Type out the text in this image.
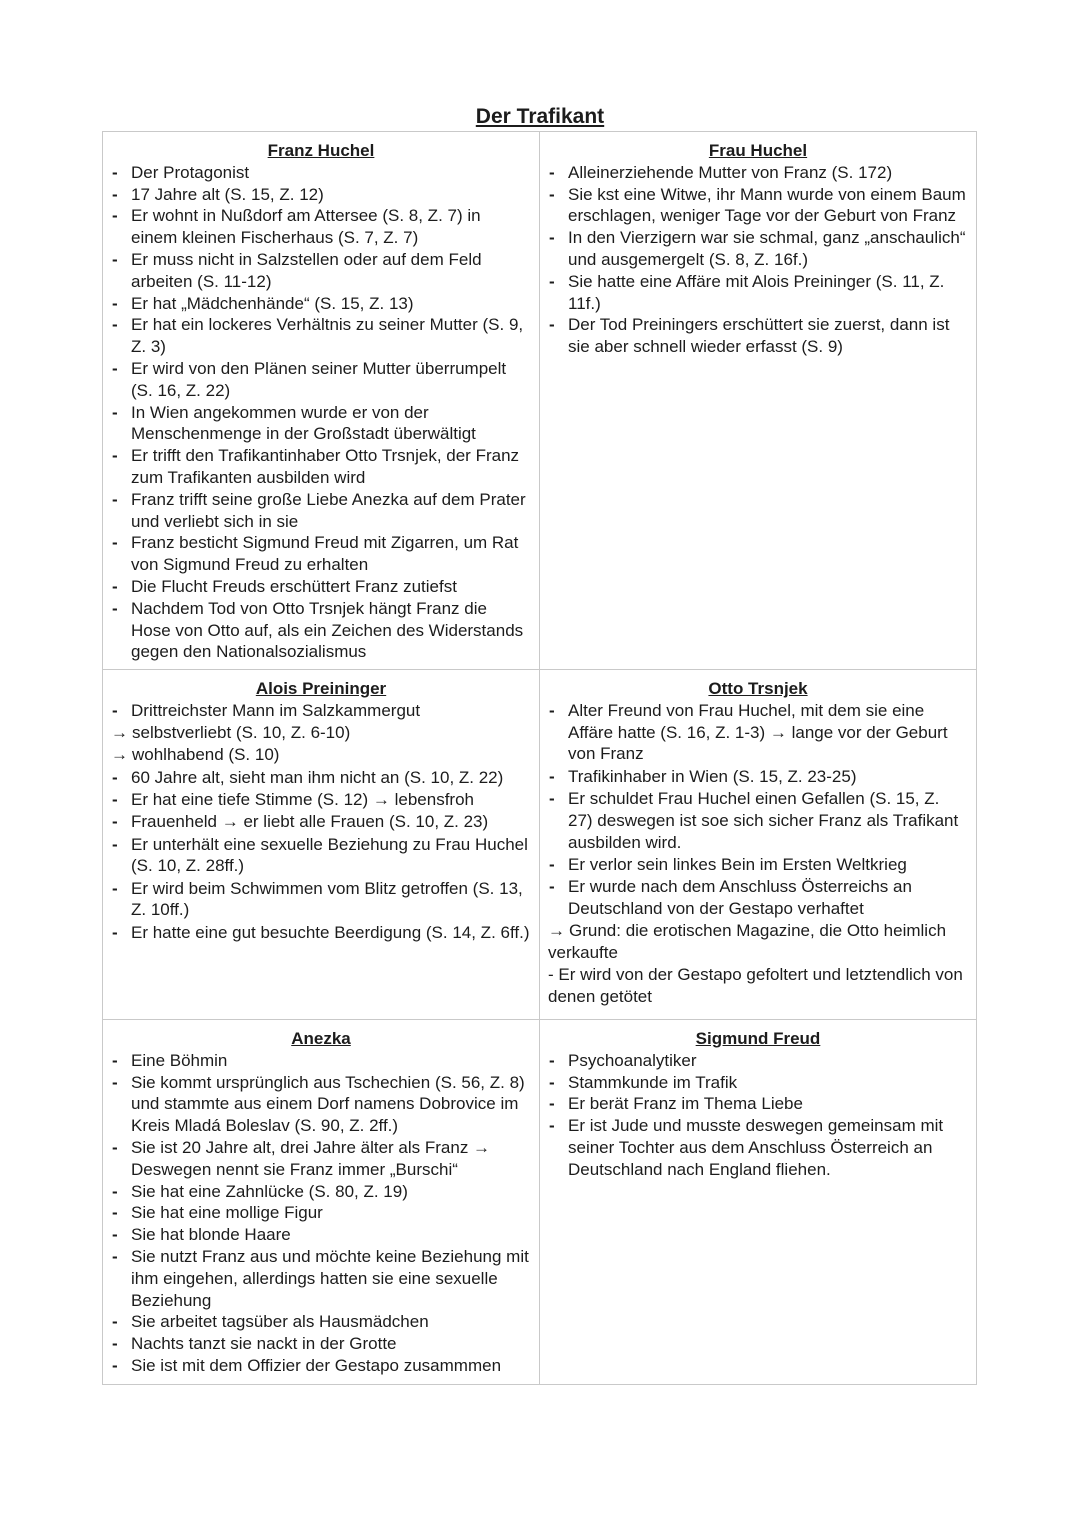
Der Trafikant
Franz Huchel
- Der Protagonist
- 17 Jahre alt (S. 15, Z. 12)
- Er wohnt in Nußdorf am Attersee (S. 8, Z. 7) in einem kleinen Fischerhaus (S. 7, Z. 7)
- Er muss nicht in Salzstellen oder auf dem Feld arbeiten (S. 11-12)
- Er hat „Mädchenhände“ (S. 15, Z. 13)
- Er hat ein lockeres Verhältnis zu seiner Mutter (S. 9, Z. 3)
- Er wird von den Plänen seiner Mutter überrumpelt (S. 16, Z. 22)
- In Wien angekommen wurde er von der Menschenmenge in der Großstadt überwältigt
- Er trifft den Trafikantinhaber Otto Trsnjek, der Franz zum Trafikanten ausbilden wird
- Franz trifft seine große Liebe Anezka auf dem Prater und verliebt sich in sie
- Franz besticht Sigmund Freud mit Zigarren, um Rat von Sigmund Freud zu erhalten
- Die Flucht Freuds erschüttert Franz zutiefst
- Nachdem Tod von Otto Trsnjek hängt Franz die Hose von Otto auf, als ein Zeichen des Widerstands gegen den Nationalsozialismus
Frau Huchel
- Alleinerziehende Mutter von Franz (S. 172)
- Sie kst eine Witwe, ihr Mann wurde von einem Baum erschlagen, weniger Tage vor der Geburt von Franz
- In den Vierzigern war sie schmal, ganz „anschaulich“ und ausgemergelt (S. 8, Z. 16f.)
- Sie hatte eine Affäre mit Alois Preininger (S. 11, Z. 11f.)
- Der Tod Preiningers erschüttert sie zuerst, dann ist sie aber schnell wieder erfasst (S. 9)
Alois Preininger
- Drittreichster Mann im Salzkammergut
→ selbstverliebt (S. 10, Z. 6-10)
→ wohlhabend (S. 10)
- 60 Jahre alt, sieht man ihm nicht an (S. 10, Z. 22)
- Er hat eine tiefe Stimme (S. 12) → lebensfroh
- Frauenheld → er liebt alle Frauen (S. 10, Z. 23)
- Er unterhält eine sexuelle Beziehung zu Frau Huchel (S. 10, Z. 28ff.)
- Er wird beim Schwimmen vom Blitz getroffen (S. 13, Z. 10ff.)
- Er hatte eine gut besuchte Beerdigung (S. 14, Z. 6ff.)
Otto Trsnjek
- Alter Freund von Frau Huchel, mit dem sie eine Affäre hatte (S. 16, Z. 1-3) → lange vor der Geburt von Franz
- Trafikinhaber in Wien (S. 15, Z. 23-25)
- Er schuldet Frau Huchel einen Gefallen (S. 15, Z. 27) deswegen ist soe sich sicher Franz als Trafikant ausbilden wird.
- Er verlor sein linkes Bein im Ersten Weltkrieg
- Er wurde nach dem Anschluss Österreichs an Deutschland von der Gestapo verhaftet
→ Grund: die erotischen Magazine, die Otto heimlich verkaufte
- Er wird von der Gestapo gefoltert und letztendlich von denen getötet
Anezka
- Eine Böhmin
- Sie kommt ursprünglich aus Tschechien (S. 56, Z. 8) und stammte aus einem Dorf namens Dobrovice im Kreis Mladá Boleslav (S. 90, Z. 2ff.)
- Sie ist 20 Jahre alt, drei Jahre älter als Franz → Deswegen nennt sie Franz immer „Burschi“
- Sie hat eine Zahnlücke (S. 80, Z. 19)
- Sie hat eine mollige Figur
- Sie hat blonde Haare
- Sie nutzt Franz aus und möchte keine Beziehung mit ihm eingehen, allerdings hatten sie eine sexuelle Beziehung
- Sie arbeitet tagsüber als Hausmädchen
- Nachts tanzt sie nackt in der Grotte
- Sie ist mit dem Offizier der Gestapo zusammmen
Sigmund Freud
- Psychoanalytiker
- Stammkunde im Trafik
- Er berät Franz im Thema Liebe
- Er ist Jude und musste deswegen gemeinsam mit seiner Tochter aus dem Anschluss Österreich an Deutschland nach England fliehen.
